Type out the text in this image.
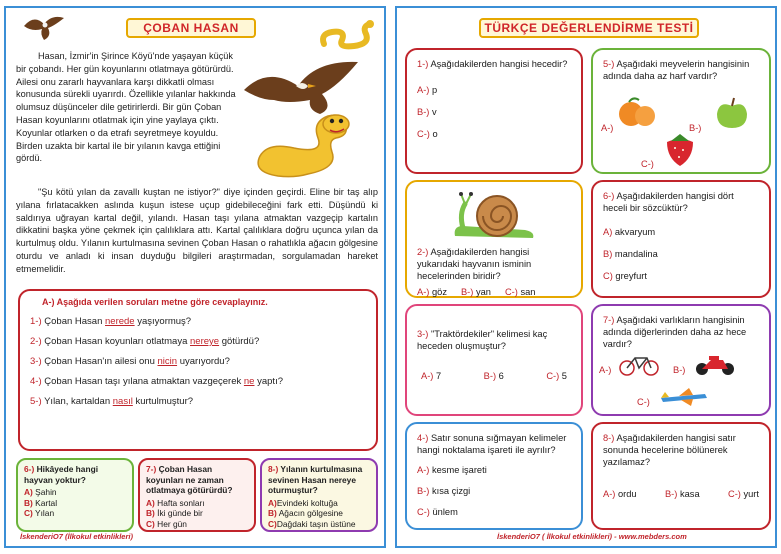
ÇOBAN HASAN

Hasan, İzmir'in Şirince Köyü'nde yaşayan küçük bir çobandı. Her gün koyunlarını otlatmaya götürürdü. Ailesi onu zararlı hayvanlara karşı dikkatli olması konusunda sürekli uyarırdı. Özellikle yılanlar hakkında olumsuz düşünceler dile getirirlerdi. Bir gün Çoban Hasan koyunlarını otlatmak için yine yaylaya çıktı. Koyunlar otlarken o da etrafı seyretmeye koyuldu. Birden uzakta bir kartal ile bir yılanın kavga ettiğini gördü.

"Şu kötü yılan da zavallı kuştan ne istiyor?" diye içinden geçirdi. Eline bir taş alıp yılana fırlatacakken aslında kuşun istese uçup gidebileceğini fark etti. Düşündü ki saldırıya uğrayan kartal değil, yılandı. Hasan taşı yılana atmaktan vazgeçip kartalın dikkatini başka yöne çekmek için çalılıklara attı. Kartal çalılıklara doğru uçunca yılan da kurtulmuş oldu. Yılanın kurtulmasına sevinen Çoban Hasan o rahatlıkla ağacın gölgesine oturdu ve anladı ki insan duyduğu bilgileri araştırmadan, sorgulamadan hareket etmemelidir.

A-) Aşağıda verilen soruları metne göre cevaplayınız.
1-) Çoban Hasan nerede yaşıyormuş?
2-) Çoban Hasan koyunları otlatmaya nereye götürdü?
3-) Çoban Hasan'ın ailesi onu nicin uyarıyordu?
4-) Çoban Hasan taşı yılana atmaktan vazgeçerek ne yaptı?
5-) Yılan, kartaldan nasıl kurtulmuştur?
6-) Hikâyede hangi hayvan yoktur?
A) Şahin
B) Kartal
C) Yılan
7-) Çoban Hasan koyunları ne zaman otlatmaya götürürdü?
A) Hafta sonları
B) İki günde bir
C) Her gün
8-) Yılanın kurtulmasına sevinen Hasan nereye oturmuştur?
A)Evindeki koltuğa
B) Ağacın gölgesine
C)Dağdaki taşın üstüne
İskenderiO7 (İlkokul etkinlikleri)
TÜRKÇE DEĞERLENDİRME TESTİ
1-) Aşağıdakilerden hangisi hecedir?
A-) p
B-) v
C-) o
2-) Aşağıdakilerden hangisi yukarıdaki hayvanın isminin hecelerinden biridir?
A-) göz B-) yan C-) san
3-) "Traktördekiler" kelimesi kaç heceden oluşmuştur?
A-) 7	B-) 6	C-) 5
4-) Satır sonuna sığmayan kelimeler hangi noktalama işareti ile ayrılır?
A-) kesme işareti
B-) kısa çizgi
C-) ünlem
5-) Aşağıdaki meyvelerin hangisinin adında daha az harf vardır?
A-)	B-)
C-)
6-) Aşağıdakilerden hangisi dört heceli bir sözcüktür?
A) akvaryum
B) mandalina
C) greyfurt
7-) Aşağıdaki varlıkların hangisinin adında diğerlerinden daha az hece vardır?
A-)	B-)
C-)
8-) Aşağıdakilerden hangisi satır sonunda hecelerine bölünerek yazılamaz?
A-) ordu	B-) kasa	C-) yurt
İskenderiO7 ( İlkokul etkinlikleri) - www.mebders.com
